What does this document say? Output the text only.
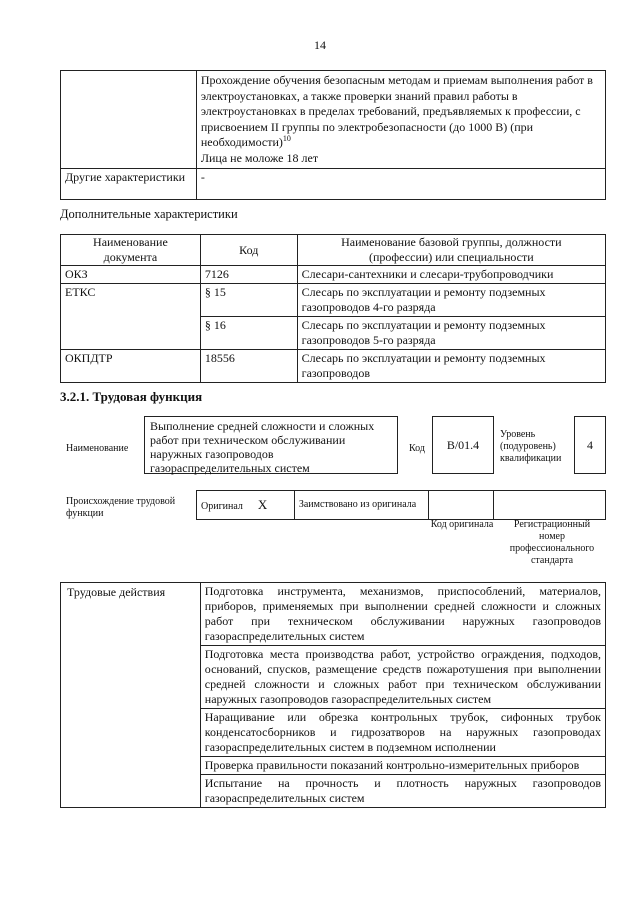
14

	Прохождение обучения безопасным методам и приемам выполнения работ в электроустановках, а также проверки знаний правил работы в электроустановках в пределах требований, предъявляемых к профессии, с присвоением II группы по электробезопасности (до 1000 В) (при необходимости)$^{10}$
Лица не моложе 18 лет

Другие характеристики	-
Дополнительные характеристики
Наименование документа	Код	Наименование базовой группы, должности (профессии) или специальности
ОКЗ	7126	Слесари-сантехники и слесари-трубопроводчики
ЕТКС	§ 15	Слесарь по эксплуатации и ремонту подземных газопроводов 4-го разряда
	§ 16	Слесарь по эксплуатации и ремонту подземных газопроводов 5-го разряда
ОКПДТР	18556	Слесарь по эксплуатации и ремонту подземных газопроводов
3.2.1. Трудовая функция
Наименование
Выполнение средней сложности и сложных работ при техническом обслуживании наружных газопроводов газораспределительных систем
Код B/01.4
Уровень (подуровень) квалификации
4
Происхождение трудовой функции
Оригинал X	Заимствовано из оригинала		
Код оригинала	Регистрационный номер профессионального стандарта
Трудовые действия	Подготовка инструмента, механизмов, приспособлений, материалов, приборов, применяемых при выполнении средней сложности и сложных работ при техническом обслуживании наружных газопроводов газораспределительных систем
Подготовка места производства работ, устройство ограждения, подходов, оснований, спусков, размещение средств пожаротушения при выполнении средней сложности и сложных работ при техническом обслуживании наружных газопроводов газораспределительных систем
Наращивание или обрезка контрольных трубок, сифонных трубок конденсатосборников и гидрозатворов на наружных газопроводах газораспределительных систем в подземном исполнении
Проверка правильности показаний контрольно-измерительных приборов
Испытание на прочность и плотность наружных газопроводов газораспределительных систем
